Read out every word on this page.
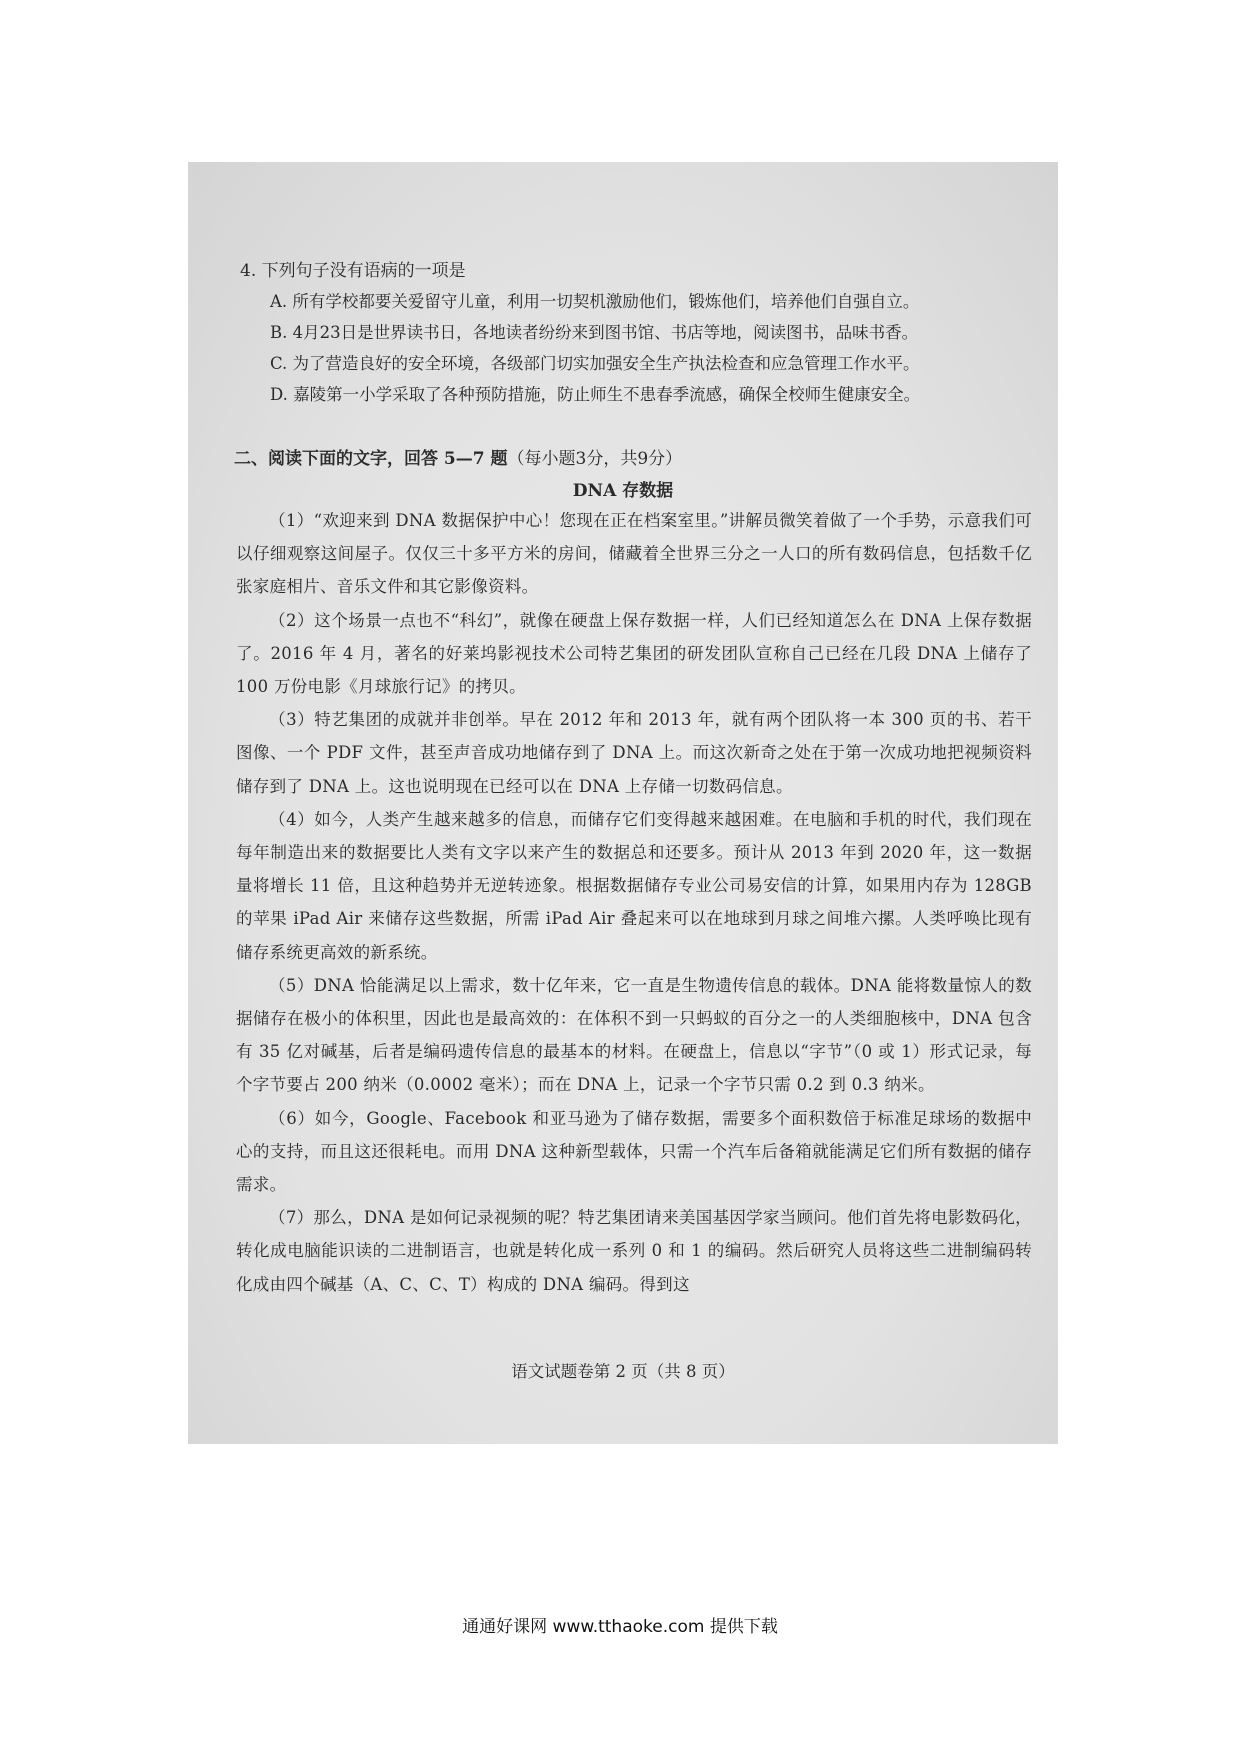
4. 下列句子没有语病的一项是
A. 所有学校都要关爱留守儿童，利用一切契机激励他们，锻炼他们，培养他们自强自立。
B. 4月23日是世界读书日，各地读者纷纷来到图书馆、书店等地，阅读图书，品味书香。
C. 为了营造良好的安全环境，各级部门切实加强安全生产执法检查和应急管理工作水平。
D. 嘉陵第一小学采取了各种预防措施，防止师生不患春季流感，确保全校师生健康安全。
二、阅读下面的文字，回答 5—7 题（每小题3分，共9分）
DNA 存数据

（1）“欢迎来到 DNA 数据保护中心！您现在正在档案室里。”讲解员微笑着做了一个手势，示意我们可以仔细观察这间屋子。仅仅三十多平方米的房间，储藏着全世界三分之一人口的所有数码信息，包括数千亿张家庭相片、音乐文件和其它影像资料。

（2）这个场景一点也不“科幻”，就像在硬盘上保存数据一样，人们已经知道怎么在 DNA 上保存数据了。2016 年 4 月，著名的好莱坞影视技术公司特艺集团的研发团队宣称自己已经在几段 DNA 上储存了 100 万份电影《月球旅行记》的拷贝。

（3）特艺集团的成就并非创举。早在 2012 年和 2013 年，就有两个团队将一本 300 页的书、若干图像、一个 PDF 文件，甚至声音成功地储存到了 DNA 上。而这次新奇之处在于第一次成功地把视频资料储存到了 DNA 上。这也说明现在已经可以在 DNA 上存储一切数码信息。

（4）如今，人类产生越来越多的信息，而储存它们变得越来越困难。在电脑和手机的时代，我们现在每年制造出来的数据要比人类有文字以来产生的数据总和还要多。预计从 2013 年到 2020 年，这一数据量将增长 11 倍，且这种趋势并无逆转迹象。根据数据储存专业公司易安信的计算，如果用内存为 128GB 的苹果 iPad Air 来储存这些数据，所需 iPad Air 叠起来可以在地球到月球之间堆六摞。人类呼唤比现有储存系统更高效的新系统。

（5）DNA 恰能满足以上需求，数十亿年来，它一直是生物遗传信息的载体。DNA 能将数量惊人的数据储存在极小的体积里，因此也是最高效的：在体积不到一只蚂蚁的百分之一的人类细胞核中，DNA 包含有 35 亿对碱基，后者是编码遗传信息的最基本的材料。在硬盘上，信息以“字节”（0 或 1）形式记录，每个字节要占 200 纳米（0.0002 毫米）；而在 DNA 上，记录一个字节只需 0.2 到 0.3 纳米。

（6）如今，Google、Facebook 和亚马逊为了储存数据，需要多个面积数倍于标准足球场的数据中心的支持，而且这还很耗电。而用 DNA 这种新型载体，只需一个汽车后备箱就能满足它们所有数据的储存需求。

（7）那么，DNA 是如何记录视频的呢？特艺集团请来美国基因学家当顾问。他们首先将电影数码化，转化成电脑能识读的二进制语言，也就是转化成一系列 0 和 1 的编码。然后研究人员将这些二进制编码转化成由四个碱基（A、C、C、T）构成的 DNA 编码。得到这

语文试题卷第 2 页（共 8 页）
通通好课网 www.tthaoke.com 提供下载
